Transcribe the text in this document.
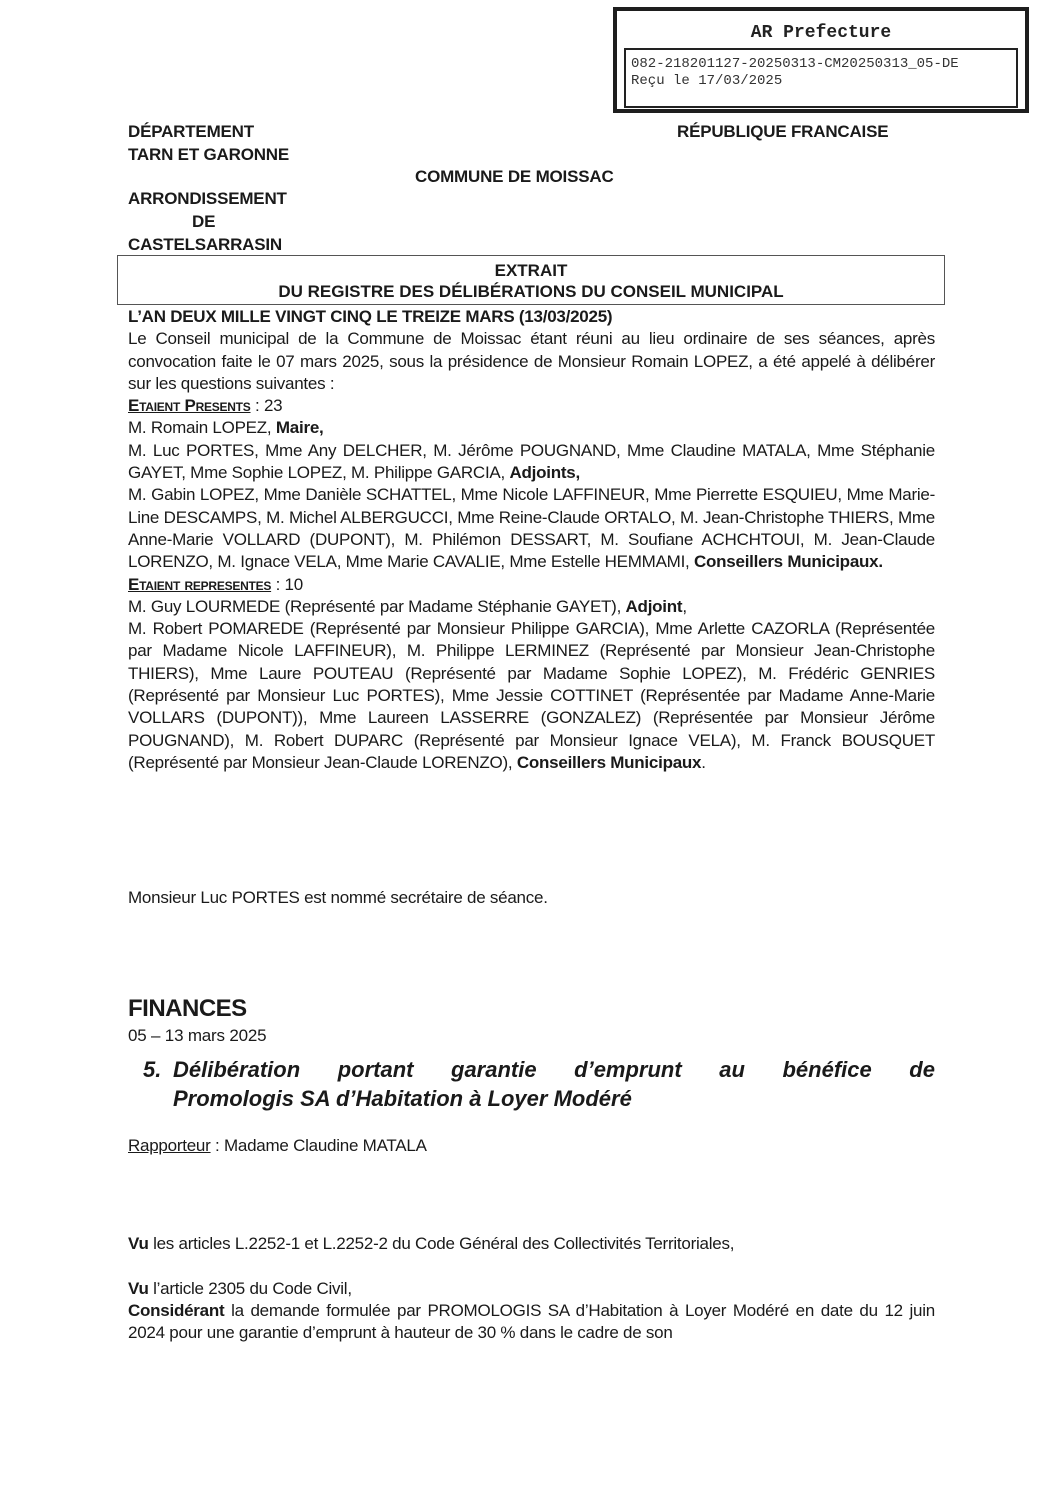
AR Prefecture
082-218201127-20250313-CM20250313_05-DE
Reçu le 17/03/2025
DÉPARTEMENT
TARN ET GARONNE
ARRONDISSEMENT
DE
CASTELSARRASIN
RÉPUBLIQUE FRANCAISE
COMMUNE DE MOISSAC
EXTRAIT
DU REGISTRE DES DÉLIBÉRATIONS DU CONSEIL MUNICIPAL

L’AN DEUX MILLE VINGT CINQ LE TREIZE MARS (13/03/2025)

Le Conseil municipal de la Commune de Moissac étant réuni au lieu ordinaire de ses séances, après convocation faite le 07 mars 2025, sous la présidence de Monsieur Romain LOPEZ, a été appelé à délibérer sur les questions suivantes :

Etaient Presents : 23

M. Romain LOPEZ, Maire,

M. Luc PORTES, Mme Any DELCHER, M. Jérôme POUGNAND, Mme Claudine MATALA, Mme Stéphanie GAYET, Mme Sophie LOPEZ, M. Philippe GARCIA, Adjoints,

M. Gabin LOPEZ, Mme Danièle SCHATTEL, Mme Nicole LAFFINEUR, Mme Pierrette ESQUIEU, Mme Marie-Line DESCAMPS, M. Michel ALBERGUCCI, Mme Reine-Claude ORTALO, M. Jean-Christophe THIERS, Mme Anne-Marie VOLLARD (DUPONT), M. Philémon DESSART, M. Soufiane ACHCHTOUI, M. Jean-Claude LORENZO, M. Ignace VELA, Mme Marie CAVALIE, Mme Estelle HEMMAMI, Conseillers Municipaux.

Etaient representes : 10

M. Guy LOURMEDE (Représenté par Madame Stéphanie GAYET), Adjoint,

M. Robert POMAREDE (Représenté par Monsieur Philippe GARCIA), Mme Arlette CAZORLA (Représentée par Madame Nicole LAFFINEUR), M. Philippe LERMINEZ (Représenté par Monsieur Jean-Christophe THIERS), Mme Laure POUTEAU (Représenté par Madame Sophie LOPEZ), M. Frédéric GENRIES (Représenté par Monsieur Luc PORTES), Mme Jessie COTTINET (Représentée par Madame Anne-Marie VOLLARS (DUPONT)), Mme Laureen LASSERRE (GONZALEZ) (Représentée par Monsieur Jérôme POUGNAND), M. Robert DUPARC (Représenté par Monsieur Ignace VELA), M. Franck BOUSQUET (Représenté par Monsieur Jean-Claude LORENZO), Conseillers Municipaux.

Monsieur Luc PORTES est nommé secrétaire de séance.
FINANCES
05 – 13 mars 2025
5. Délibération portant garantie d’emprunt au bénéfice de
Promologis SA d’Habitation à Loyer Modéré
Rapporteur : Madame Claudine MATALA
Vu les articles L.2252-1 et L.2252-2 du Code Général des Collectivités Territoriales,
Vu l’article 2305 du Code Civil,
Considérant la demande formulée par PROMOLOGIS SA d’Habitation à Loyer Modéré en date du 12 juin 2024 pour une garantie d’emprunt à hauteur de 30 % dans le cadre de son
